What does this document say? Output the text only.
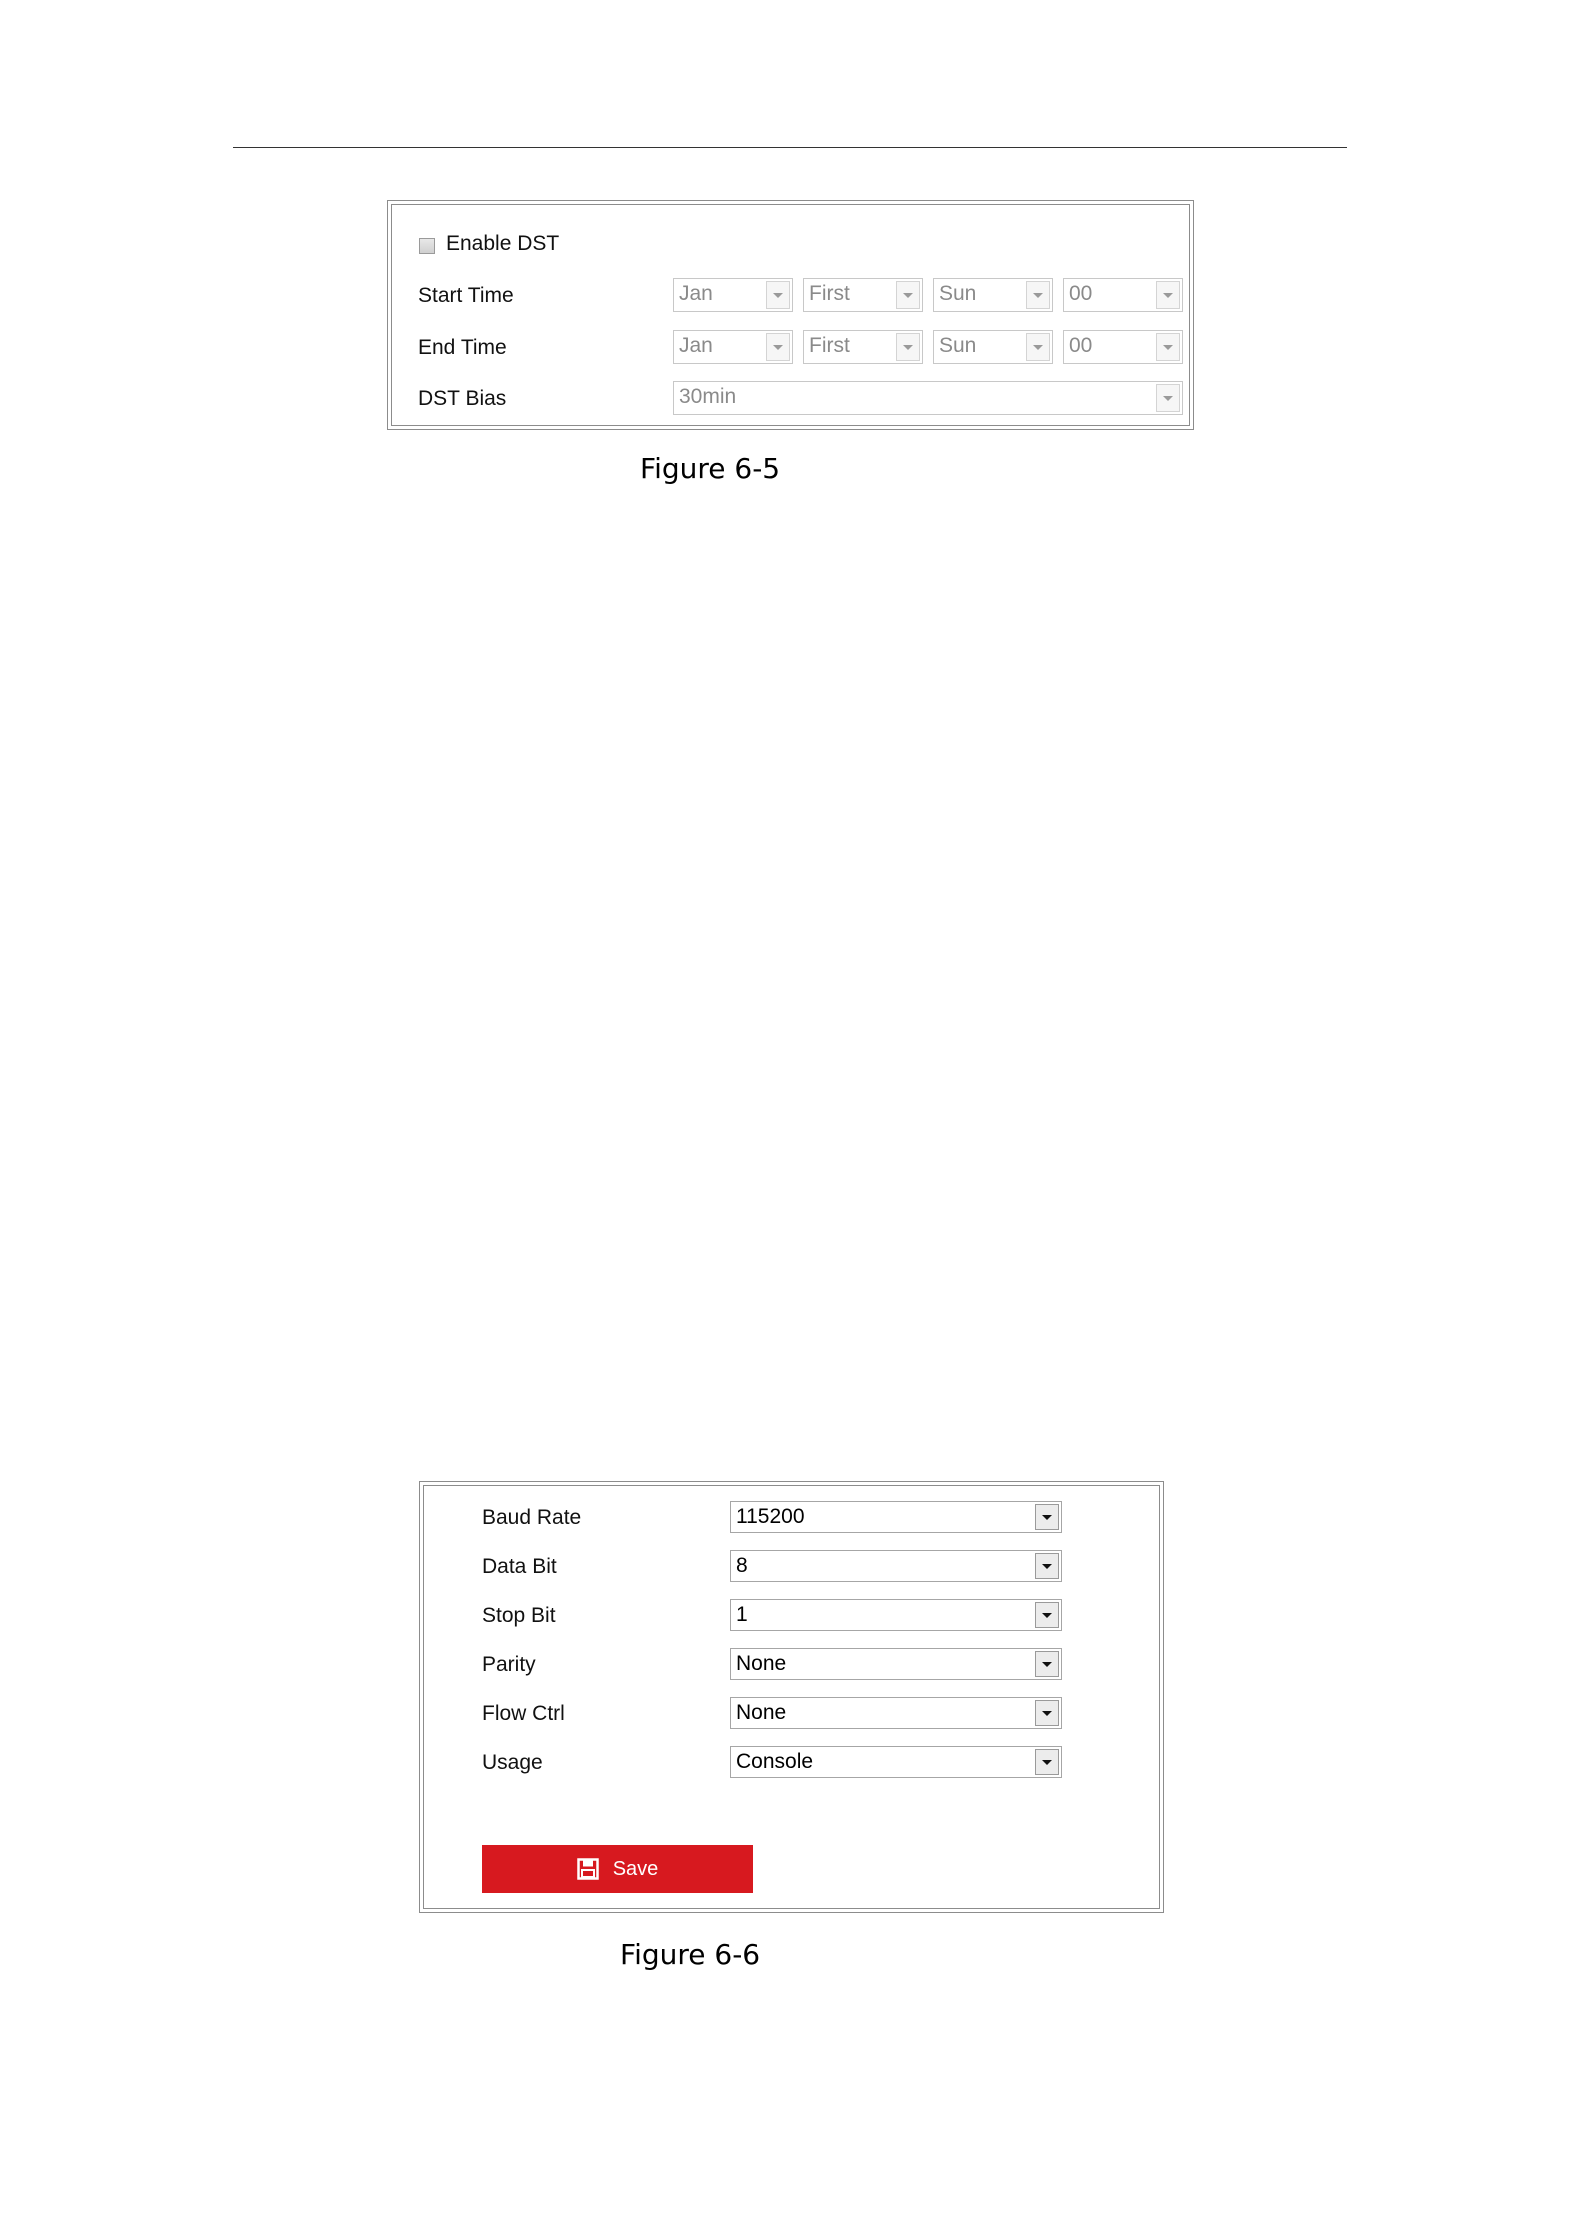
Enable DST
Start Time	Jan	First	Sun	00
End Time	Jan	First	Sun	00
DST Bias	30min
Figure 6-5
Baud Rate	115200
Data Bit	8
Stop Bit	1
Parity	None
Flow Ctrl	None
Usage	Console
Save
Figure 6-6
